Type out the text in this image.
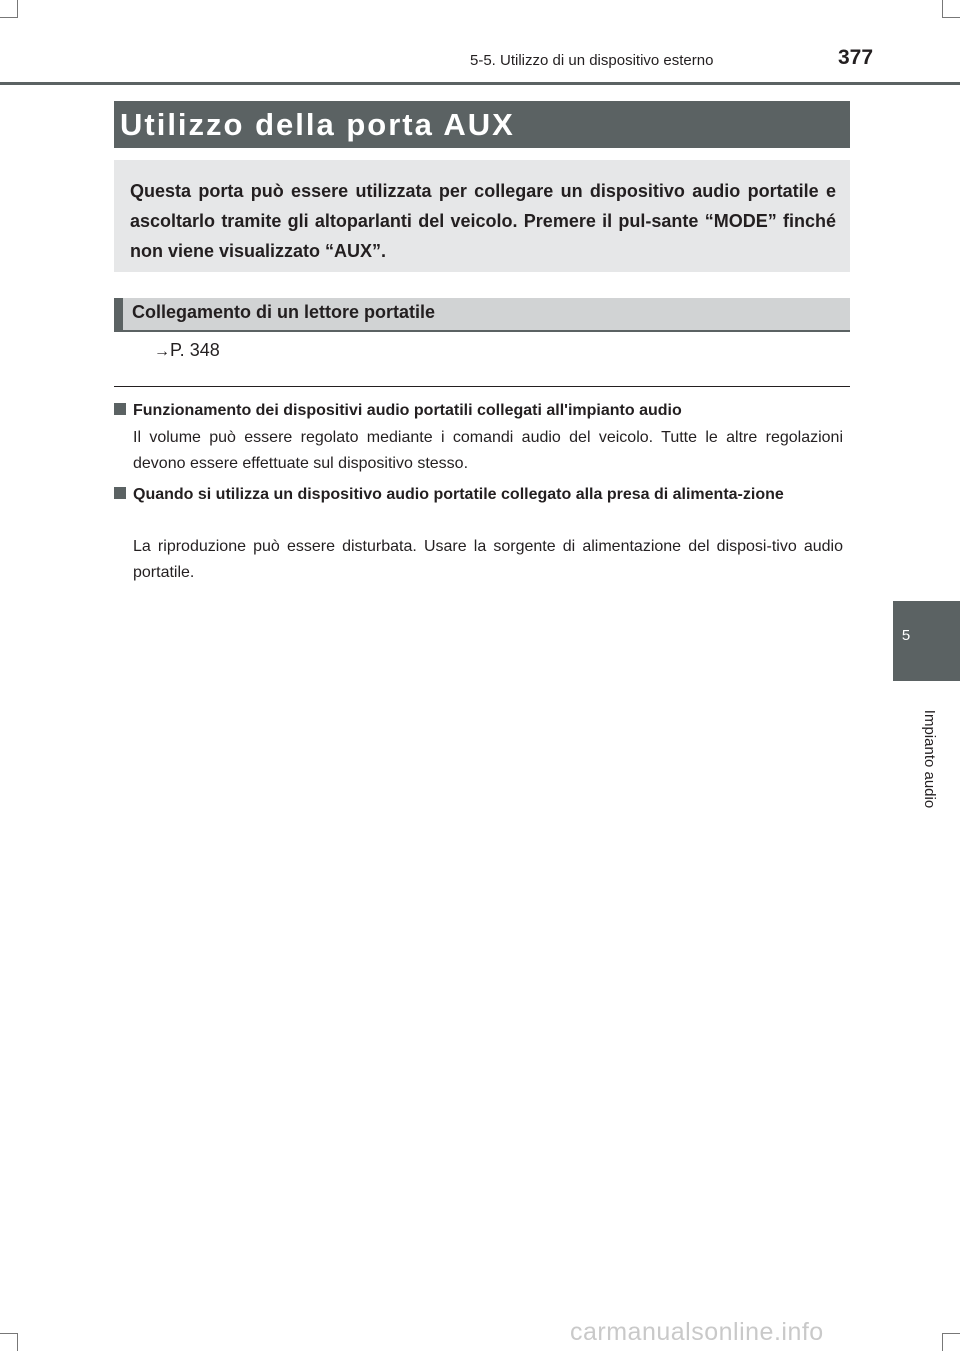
5-5. Utilizzo di un dispositivo esterno	377
Utilizzo della porta AUX

Questa porta può essere utilizzata per collegare un dispositivo audio portatile e ascoltarlo tramite gli altoparlanti del veicolo. Premere il pul-sante “MODE” finché non viene visualizzato “AUX”.

Collegamento di un lettore portatile
→P. 348
Funzionamento dei dispositivi audio portatili collegati all'impianto audio
Il volume può essere regolato mediante i comandi audio del veicolo. Tutte le altre regolazioni devono essere effettuate sul dispositivo stesso.
Quando si utilizza un dispositivo audio portatile collegato alla presa di alimenta-zione
La riproduzione può essere disturbata. Usare la sorgente di alimentazione del disposi-tivo audio portatile.
5
Impianto audio
carmanualsonline.info
